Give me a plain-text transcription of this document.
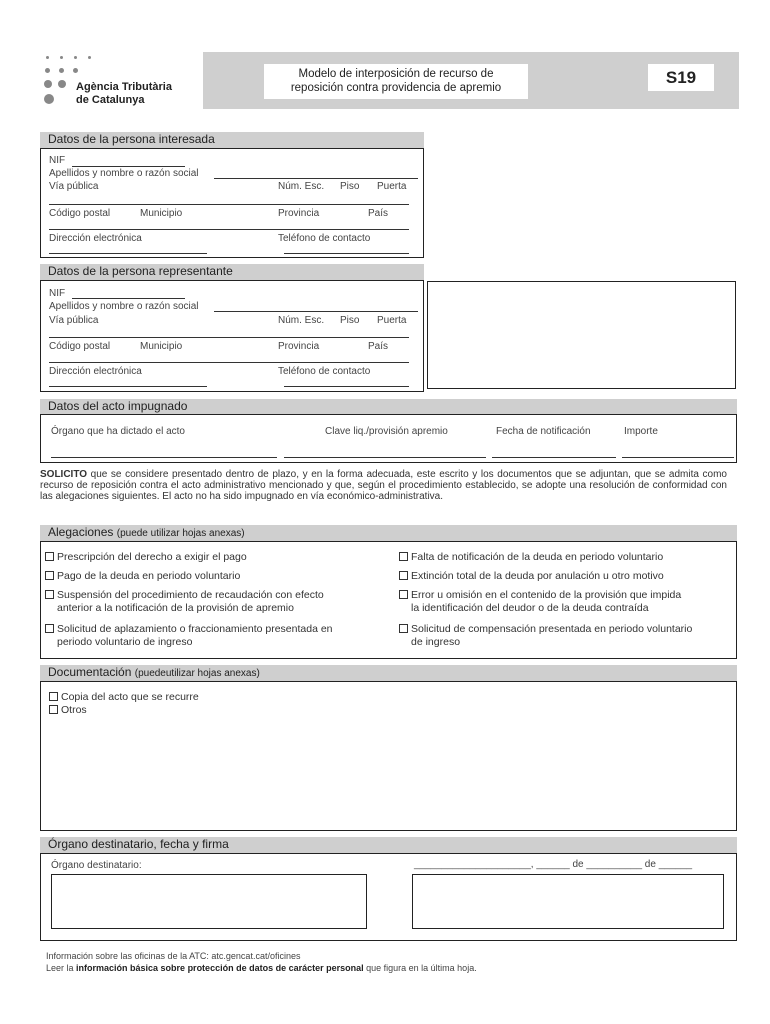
Agència Tributària
de Catalunya
Modelo de interposición de recurso de
reposición contra providencia de apremio
S19
Datos de la persona interesada
NIF
Apellidos y nombre o razón social
Vía pública	Núm. Esc. Piso Puerta
Código postal	Municipio	Provincia	País
Dirección electrónica	Teléfono de contacto
Datos de la persona representante
NIF
Apellidos y nombre o razón social
Vía pública	Núm. Esc. Piso Puerta
Código postal	Municipio	Provincia	País
Dirección electrónica	Teléfono de contacto
Datos del acto impugnado
Órgano que ha dictado el acto	Clave liq./provisión apremio	Fecha de notificación	Importe
SOLICITO que se considere presentado dentro de plazo, y en la forma adecuada, este escrito y los documentos que se adjuntan, que se admita como recurso de reposición contra el acto administrativo mencionado y que, según el procedimiento establecido, se adopte una resolución de conformidad con las alegaciones siguientes. El acto no ha sido impugnado en vía económico-administrativa.
Alegaciones (puede utilizar hojas anexas)
Prescripción del derecho a exigir el pago
Pago de la deuda en periodo voluntario
Suspensión del procedimiento de recaudación con efecto
anterior a la notificación de la provisión de apremio
Solicitud de aplazamiento o fraccionamiento presentada en
periodo voluntario de ingreso
Falta de notificación de la deuda en periodo voluntario
Extinción total de la deuda por anulación u otro motivo
Error u omisión en el contenido de la provisión que impida
la identificación del deudor o de la deuda contraída
Solicitud de compensación presentada en periodo voluntario
de ingreso
Documentación (puedeutilizar hojas anexas)
Copia del acto que se recurre
Otros
Órgano destinatario, fecha y firma
Órgano destinatario:	_____________________, ______ de __________ de ______
Información sobre las oficinas de la ATC: atc.gencat.cat/oficines
Leer la información básica sobre protección de datos de carácter personal que figura en la última hoja.
